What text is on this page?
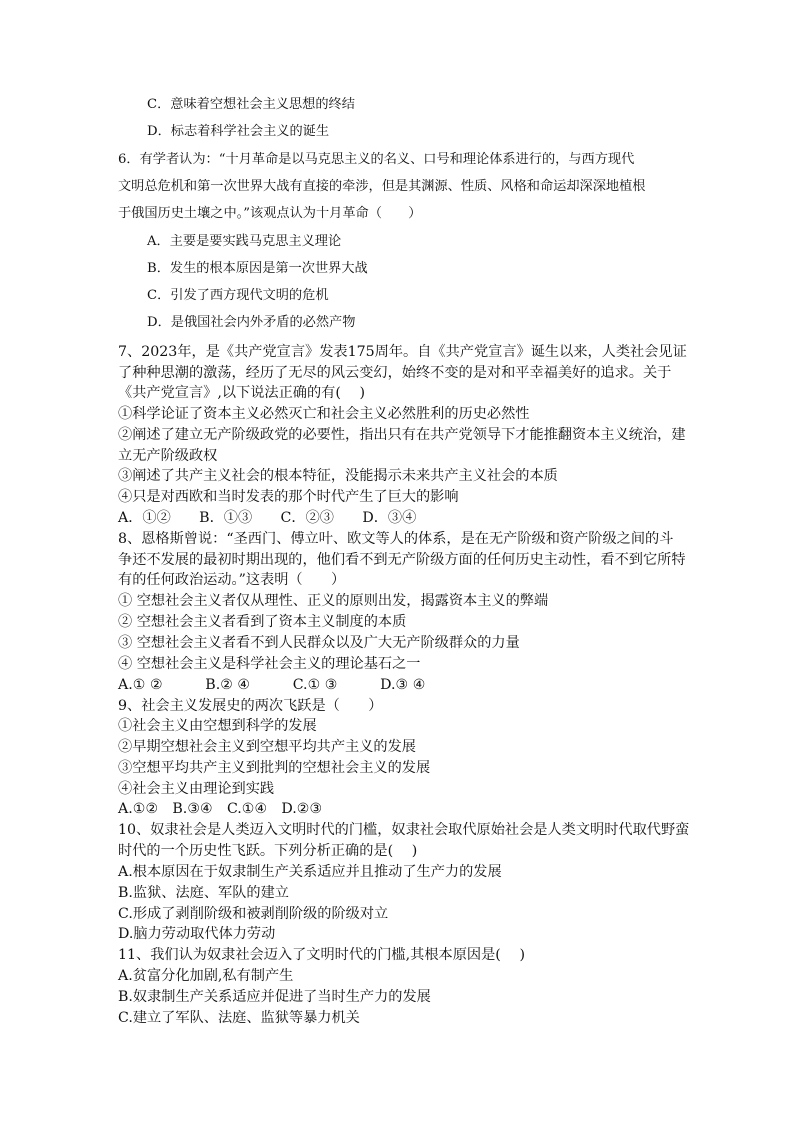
C．意味着空想社会主义思想的终结
D．标志着科学社会主义的诞生
6．有学者认为：“十月革命是以马克思主义的名义、口号和理论体系进行的，与西方现代
文明总危机和第一次世界大战有直接的牵涉，但是其渊源、性质、风格和命运却深深地植根
于俄国历史土壤之中。”该观点认为十月革命（　　）
A．主要是要实践马克思主义理论
B．发生的根本原因是第一次世界大战
C．引发了西方现代文明的危机
D．是俄国社会内外矛盾的必然产物
7、2023年，是《共产党宣言》发表175周年。自《共产党宣言》诞生以来，人类社会见证
了种种思潮的激荡，经历了无尽的风云变幻，始终不变的是对和平幸福美好的追求。关于
《共产党宣言》,以下说法正确的有(　 )
①科学论证了资本主义必然灭亡和社会主义必然胜利的历史必然性
②阐述了建立无产阶级政党的必要性，指出只有在共产党领导下才能推翻资本主义统治，建
立无产阶级政权
③阐述了共产主义社会的根本特征，没能揭示未来共产主义社会的本质
④只是对西欧和当时发表的那个时代产生了巨大的影响
A．①②　　B．①③　　C．②③　　D．③④
8、恩格斯曾说：“圣西门、傅立叶、欧文等人的体系，是在无产阶级和资产阶级之间的斗
争还不发展的最初时期出现的，他们看不到无产阶级方面的任何历史主动性，看不到它所特
有的任何政治运动。”这表明（　　）
① 空想社会主义者仅从理性、正义的原则出发，揭露资本主义的弊端
② 空想社会主义者看到了资本主义制度的本质
③ 空想社会主义者看不到人民群众以及广大无产阶级群众的力量
④ 空想社会主义是科学社会主义的理论基石之一
A.① ②　　　B.② ④　　　C.① ③　　　D.③ ④
9、社会主义发展史的两次飞跃是（　　）
①社会主义由空想到科学的发展
②早期空想社会主义到空想平均共产主义的发展
③空想平均共产主义到批判的空想社会主义的发展
④社会主义由理论到实践
A.①②　B.③④　C.①④　D.②③
10、奴隶社会是人类迈入文明时代的门槛，奴隶社会取代原始社会是人类文明时代取代野蛮
时代的一个历史性飞跃。下列分析正确的是(　 )
A.根本原因在于奴隶制生产关系适应并且推动了生产力的发展
B.监狱、法庭、军队的建立
C.形成了剥削阶级和被剥削阶级的阶级对立
D.脑力劳动取代体力劳动
11、我们认为奴隶社会迈入了文明时代的门槛,其根本原因是(　 )
A.贫富分化加剧,私有制产生
B.奴隶制生产关系适应并促进了当时生产力的发展
C.建立了军队、法庭、监狱等暴力机关
